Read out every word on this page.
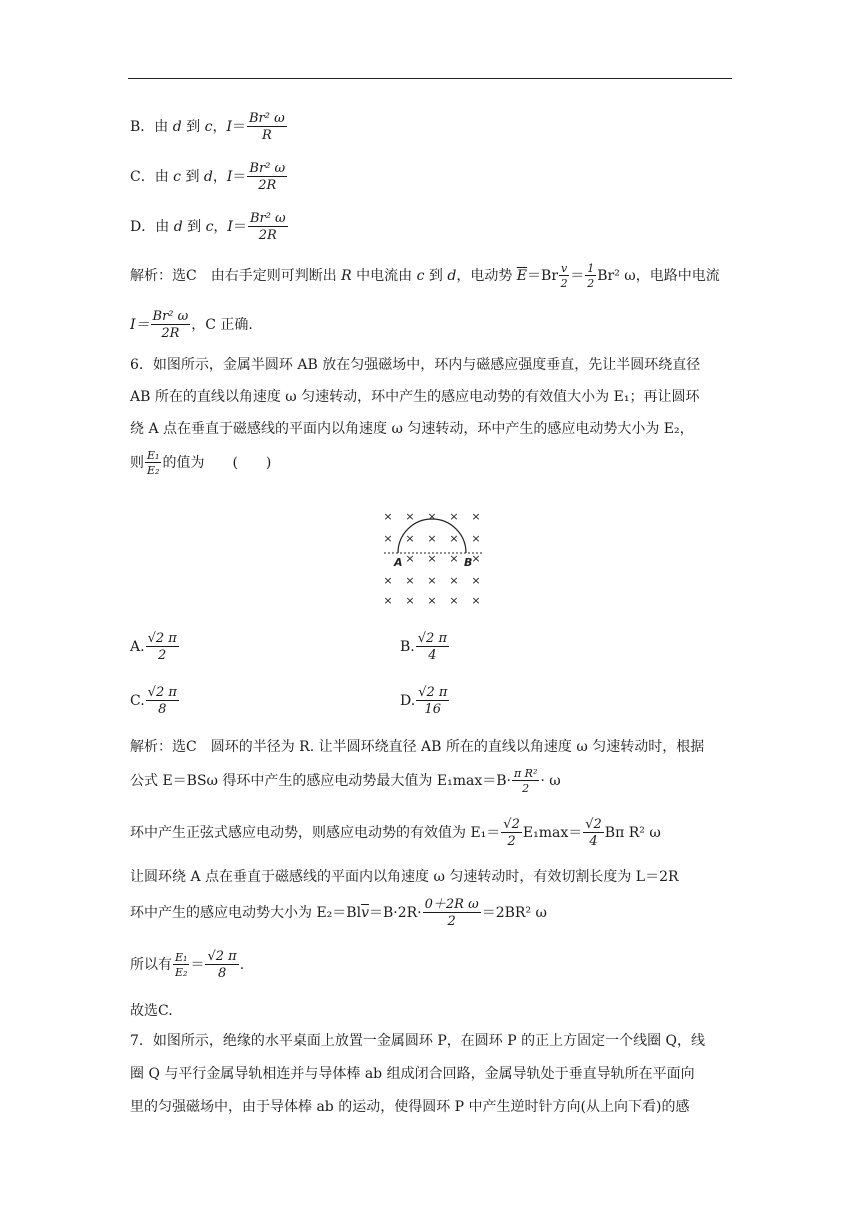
B．由 d 到 c，$I= \frac{\text{Br² ω}}{R}$
C．由 c 到 d，$I= \frac{\text{Br² ω}}{2R}$
D．由 d 到 c，$I= \frac{\text{Br² ω}}{2R}$
解析：选C　由右手定则可判断出 R 中电流由 c 到 d，电动势 $\overline{E}=Br \frac{v}{2} = \frac{1}{2} Br^2$ ω，电路中电流
$I= \frac{\text{Br² ω}}{2R}$ ，C 正确.
6．如图所示，金属半圆环 AB 放在匀强磁场中，环内与磁感应强度垂直，先让半圆环绕直径
AB 所在的直线以角速度 ω 匀速转动，环中产生的感应电动势的有效值大小为 E₁；再让圆环
绕 A 点在垂直于磁感线的平面内以角速度 ω 匀速转动，环中产生的感应电动势大小为 E₂，
则 $\frac{\text{E₁}}{\text{E₂}}$ 的值为　　(　　)
× × × × ×
× × × × ×
× × × ×
× × × × ×
× × × × ×
A	B
A. $\frac{√2 \pi}{2}$	B. $\frac{√2 \pi}{4}$
C. $\frac{√2 \pi}{8}$	D. $\frac{√2 \pi}{16}$
解析：选C　圆环的半径为 R. 让半圆环绕直径 AB 所在的直线以角速度 ω 匀速转动时，根据
公式 E＝BSω 得环中产生的感应电动势最大值为 $E_1\max=B\cdot \frac{\text{π R²}}{2} \cdot \omega$
环中产生正弦式感应电动势，则感应电动势的有效值为 $E_1= \frac{√2}{2} E_1\max= \frac{√2}{4}$ Bπ R² ω
让圆环绕 A 点在垂直于磁感线的平面内以角速度 ω 匀速转动时，有效切割长度为 L＝2R
环中产生的感应电动势大小为 $E_2=Bl\overline{v}=B\cdot 2R\cdot \frac{\text{0＋2R ω}}{2} =2BR^2$ ω
所以有 $\frac{\text{E₁}}{\text{E₂}} = \frac{√2 \pi}{8}$ .
故选C.
7．如图所示，绝缘的水平桌面上放置一金属圆环 P，在圆环 P 的正上方固定一个线圈 Q，线
圈 Q 与平行金属导轨相连并与导体棒 ab 组成闭合回路，金属导轨处于垂直导轨所在平面向
里的匀强磁场中，由于导体棒 ab 的运动，使得圆环 P 中产生逆时针方向(从上向下看)的感
